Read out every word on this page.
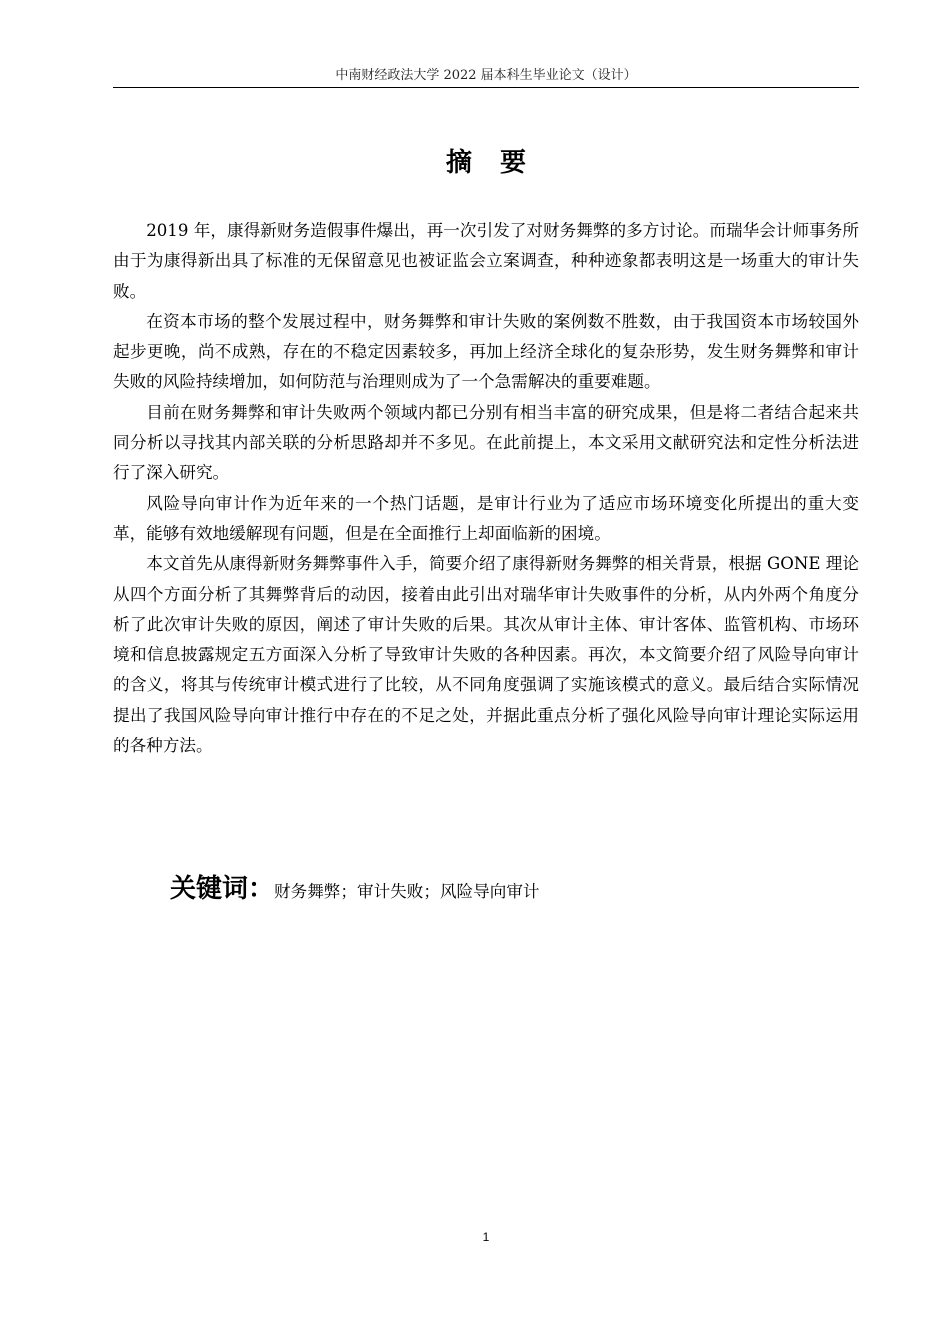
中南财经政法大学 2022 届本科生毕业论文（设计）
摘要

2019 年，康得新财务造假事件爆出，再一次引发了对财务舞弊的多方讨论。而瑞华会计师事务所由于为康得新出具了标准的无保留意见也被证监会立案调查，种种迹象都表明这是一场重大的审计失败。

在资本市场的整个发展过程中，财务舞弊和审计失败的案例数不胜数，由于我国资本市场较国外起步更晚，尚不成熟，存在的不稳定因素较多，再加上经济全球化的复杂形势，发生财务舞弊和审计失败的风险持续增加，如何防范与治理则成为了一个急需解决的重要难题。

目前在财务舞弊和审计失败两个领域内都已分别有相当丰富的研究成果，但是将二者结合起来共同分析以寻找其内部关联的分析思路却并不多见。在此前提上，本文采用文献研究法和定性分析法进行了深入研究。

风险导向审计作为近年来的一个热门话题，是审计行业为了适应市场环境变化所提出的重大变革，能够有效地缓解现有问题，但是在全面推行上却面临新的困境。

本文首先从康得新财务舞弊事件入手，简要介绍了康得新财务舞弊的相关背景，根据 GONE 理论从四个方面分析了其舞弊背后的动因，接着由此引出对瑞华审计失败事件的分析，从内外两个角度分析了此次审计失败的原因，阐述了审计失败的后果。其次从审计主体、审计客体、监管机构、市场环境和信息披露规定五方面深入分析了导致审计失败的各种因素。再次，本文简要介绍了风险导向审计的含义，将其与传统审计模式进行了比较，从不同角度强调了实施该模式的意义。最后结合实际情况提出了我国风险导向审计推行中存在的不足之处，并据此重点分析了强化风险导向审计理论实际运用的各种方法。

关键词：财务舞弊；审计失败；风险导向审计
1
